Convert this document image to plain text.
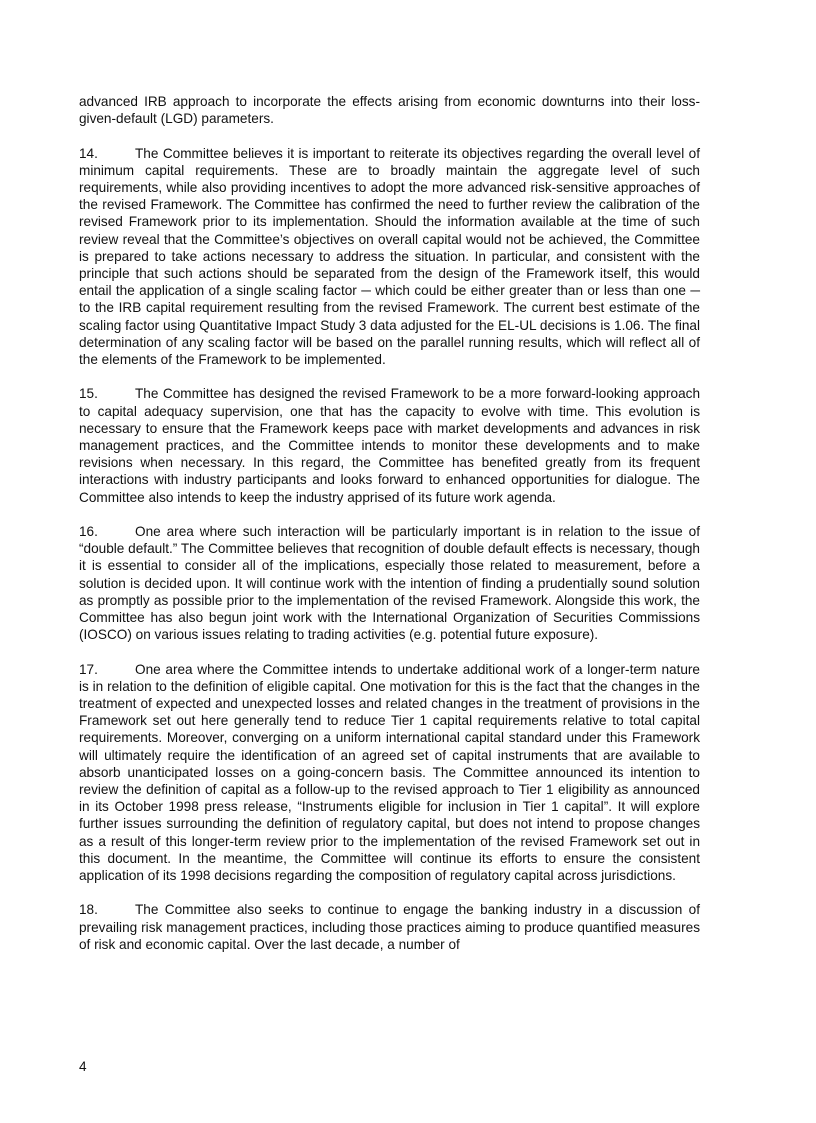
advanced IRB approach to incorporate the effects arising from economic downturns into their loss-given-default (LGD) parameters.

14.	The Committee believes it is important to reiterate its objectives regarding the overall level of minimum capital requirements. These are to broadly maintain the aggregate level of such requirements, while also providing incentives to adopt the more advanced risk-sensitive approaches of the revised Framework. The Committee has confirmed the need to further review the calibration of the revised Framework prior to its implementation. Should the information available at the time of such review reveal that the Committee’s objectives on overall capital would not be achieved, the Committee is prepared to take actions necessary to address the situation. In particular, and consistent with the principle that such actions should be separated from the design of the Framework itself, this would entail the application of a single scaling factor ─ which could be either greater than or less than one ─ to the IRB capital requirement resulting from the revised Framework. The current best estimate of the scaling factor using Quantitative Impact Study 3 data adjusted for the EL-UL decisions is 1.06. The final determination of any scaling factor will be based on the parallel running results, which will reflect all of the elements of the Framework to be implemented.

15.	The Committee has designed the revised Framework to be a more forward-looking approach to capital adequacy supervision, one that has the capacity to evolve with time. This evolution is necessary to ensure that the Framework keeps pace with market developments and advances in risk management practices, and the Committee intends to monitor these developments and to make revisions when necessary. In this regard, the Committee has benefited greatly from its frequent interactions with industry participants and looks forward to enhanced opportunities for dialogue. The Committee also intends to keep the industry apprised of its future work agenda.

16.	One area where such interaction will be particularly important is in relation to the issue of “double default.” The Committee believes that recognition of double default effects is necessary, though it is essential to consider all of the implications, especially those related to measurement, before a solution is decided upon. It will continue work with the intention of finding a prudentially sound solution as promptly as possible prior to the implementation of the revised Framework. Alongside this work, the Committee has also begun joint work with the International Organization of Securities Commissions (IOSCO) on various issues relating to trading activities (e.g. potential future exposure).

17.	One area where the Committee intends to undertake additional work of a longer-term nature is in relation to the definition of eligible capital. One motivation for this is the fact that the changes in the treatment of expected and unexpected losses and related changes in the treatment of provisions in the Framework set out here generally tend to reduce Tier 1 capital requirements relative to total capital requirements. Moreover, converging on a uniform international capital standard under this Framework will ultimately require the identification of an agreed set of capital instruments that are available to absorb unanticipated losses on a going-concern basis. The Committee announced its intention to review the definition of capital as a follow-up to the revised approach to Tier 1 eligibility as announced in its October 1998 press release, “Instruments eligible for inclusion in Tier 1 capital”. It will explore further issues surrounding the definition of regulatory capital, but does not intend to propose changes as a result of this longer-term review prior to the implementation of the revised Framework set out in this document. In the meantime, the Committee will continue its efforts to ensure the consistent application of its 1998 decisions regarding the composition of regulatory capital across jurisdictions.

18.	The Committee also seeks to continue to engage the banking industry in a discussion of prevailing risk management practices, including those practices aiming to produce quantified measures of risk and economic capital. Over the last decade, a number of

4
